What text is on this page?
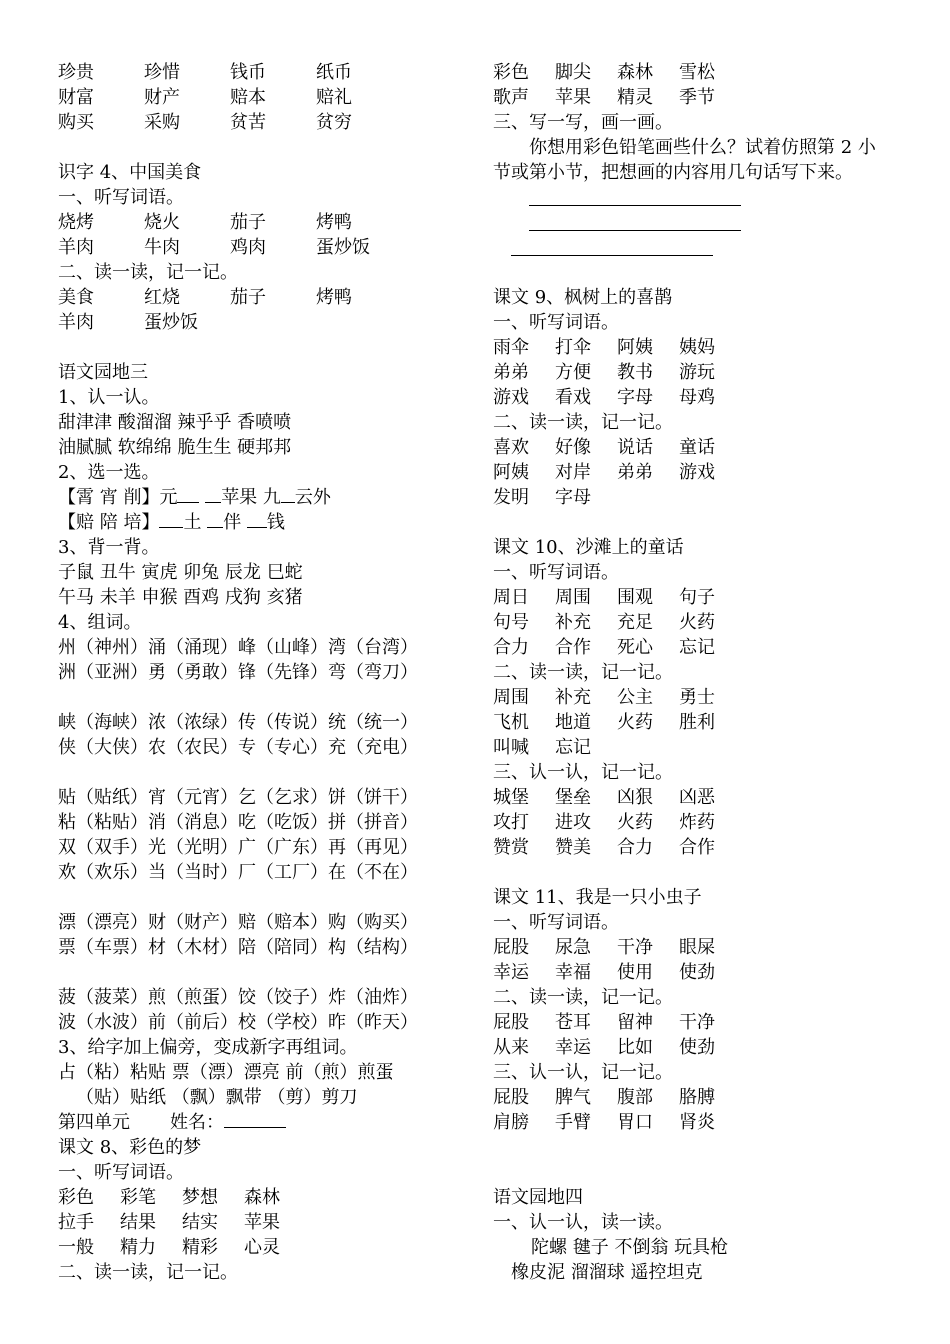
珍贵	珍惜	钱币	纸币
财富	财产	赔本	赔礼
购买	采购	贫苦	贫穷
识字 4、中国美食
一、听写词语。
烧烤	烧火	茄子	烤鸭
羊肉	牛肉	鸡肉	蛋炒饭
二、读一读，记一记。
美食	红烧	茄子	烤鸭
羊肉	蛋炒饭
语文园地三
1、认一认。
甜津津 酸溜溜 辣乎乎 香喷喷
油腻腻 软绵绵 脆生生 硬邦邦
2、选一选。
【霄 宵 削】元 苹果 九 云外
【赔 陪 培】 土 伴 钱
3、背一背。
子鼠 丑牛 寅虎 卯兔 辰龙 巳蛇
午马 未羊 申猴 酉鸡 戌狗 亥猪
4、组词。
州（神州）涌（涌现）峰（山峰）湾（台湾）
洲（亚洲）勇（勇敢）锋（先锋）弯（弯刀）
峡（海峡）浓（浓绿）传（传说）统（统一）
侠（大侠）农（农民）专（专心）充（充电）
贴（贴纸）宵（元宵）乞（乞求）饼（饼干）
粘（粘贴）消（消息）吃（吃饭）拼（拼音）
双（双手）光（光明）广（广东）再（再见）
欢（欢乐）当（当时）厂（工厂）在（不在）
漂（漂亮）财（财产）赔（赔本）购（购买）
票（车票）材（木材）陪（陪同）构（结构）
菠（菠菜）煎（煎蛋）饺（饺子）炸（油炸）
波（水波）前（前后）校（学校）昨（昨天）
3、给字加上偏旁，变成新字再组词。
占（粘）粘贴 票（漂）漂亮 前（煎）煎蛋
（贴）贴纸 （飘）飘带 （剪）剪刀
第四单元 姓名：
课文 8、彩色的梦
一、听写词语。
彩色 彩笔 梦想 森林
拉手 结果 结实 苹果
一般 精力 精彩 心灵
二、读一读，记一记。
彩色 脚尖 森林 雪松
歌声 苹果 精灵 季节
三、写一写，画一画。
你想用彩色铅笔画些什么？试着仿照第 2 小
节或第小节，把想画的内容用几句话写下来。
课文 9、枫树上的喜鹊
一、听写词语。
雨伞 打伞 阿姨 姨妈
弟弟 方便 教书 游玩
游戏 看戏 字母 母鸡
二、读一读，记一记。
喜欢 好像 说话 童话
阿姨 对岸 弟弟 游戏
发明 字母
课文 10、沙滩上的童话
一、听写词语。
周日 周围 围观 句子
句号 补充 充足 火药
合力 合作 死心 忘记
二、读一读，记一记。
周围 补充 公主 勇士
飞机 地道 火药 胜利
叫喊 忘记
三、认一认，记一记。
城堡 堡垒 凶狠 凶恶
攻打 进攻 火药 炸药
赞赏 赞美 合力 合作
课文 11、我是一只小虫子
一、听写词语。
屁股 尿急 干净 眼屎
幸运 幸福 使用 使劲
二、读一读，记一记。
屁股 苍耳 留神 干净
从来 幸运 比如 使劲
三、认一认，记一记。
屁股 脾气 腹部 胳膊
肩膀 手臂 胃口 肾炎
语文园地四
一、认一认，读一读。
陀螺 毽子 不倒翁 玩具枪
橡皮泥 溜溜球 遥控坦克
